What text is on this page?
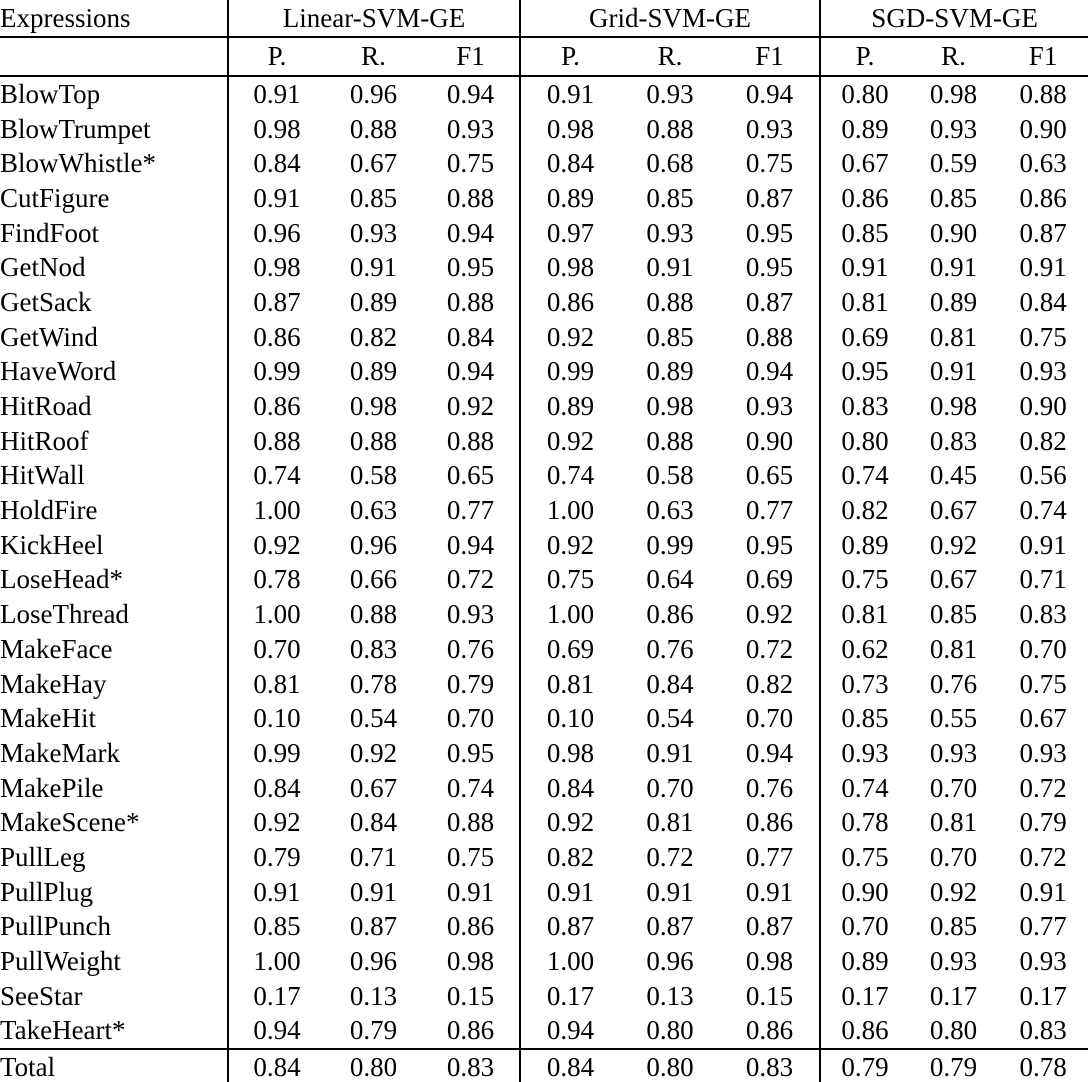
Expressions	Linear-SVM-GE			Grid-SVM-GE			SGD-SVM-GE		
	P.	R.	F1	P.	R.	F1	P.	R.	F1
BlowTop	0.91	0.96	0.94	0.91	0.93	0.94	0.80	0.98	0.88
BlowTrumpet	0.98	0.88	0.93	0.98	0.88	0.93	0.89	0.93	0.90
BlowWhistle*	0.84	0.67	0.75	0.84	0.68	0.75	0.67	0.59	0.63
CutFigure	0.91	0.85	0.88	0.89	0.85	0.87	0.86	0.85	0.86
FindFoot	0.96	0.93	0.94	0.97	0.93	0.95	0.85	0.90	0.87
GetNod	0.98	0.91	0.95	0.98	0.91	0.95	0.91	0.91	0.91
GetSack	0.87	0.89	0.88	0.86	0.88	0.87	0.81	0.89	0.84
GetWind	0.86	0.82	0.84	0.92	0.85	0.88	0.69	0.81	0.75
HaveWord	0.99	0.89	0.94	0.99	0.89	0.94	0.95	0.91	0.93
HitRoad	0.86	0.98	0.92	0.89	0.98	0.93	0.83	0.98	0.90
HitRoof	0.88	0.88	0.88	0.92	0.88	0.90	0.80	0.83	0.82
HitWall	0.74	0.58	0.65	0.74	0.58	0.65	0.74	0.45	0.56
HoldFire	1.00	0.63	0.77	1.00	0.63	0.77	0.82	0.67	0.74
KickHeel	0.92	0.96	0.94	0.92	0.99	0.95	0.89	0.92	0.91
LoseHead*	0.78	0.66	0.72	0.75	0.64	0.69	0.75	0.67	0.71
LoseThread	1.00	0.88	0.93	1.00	0.86	0.92	0.81	0.85	0.83
MakeFace	0.70	0.83	0.76	0.69	0.76	0.72	0.62	0.81	0.70
MakeHay	0.81	0.78	0.79	0.81	0.84	0.82	0.73	0.76	0.75
MakeHit	0.10	0.54	0.70	0.10	0.54	0.70	0.85	0.55	0.67
MakeMark	0.99	0.92	0.95	0.98	0.91	0.94	0.93	0.93	0.93
MakePile	0.84	0.67	0.74	0.84	0.70	0.76	0.74	0.70	0.72
MakeScene*	0.92	0.84	0.88	0.92	0.81	0.86	0.78	0.81	0.79
PullLeg	0.79	0.71	0.75	0.82	0.72	0.77	0.75	0.70	0.72
PullPlug	0.91	0.91	0.91	0.91	0.91	0.91	0.90	0.92	0.91
PullPunch	0.85	0.87	0.86	0.87	0.87	0.87	0.70	0.85	0.77
PullWeight	1.00	0.96	0.98	1.00	0.96	0.98	0.89	0.93	0.93
SeeStar	0.17	0.13	0.15	0.17	0.13	0.15	0.17	0.17	0.17
TakeHeart*	0.94	0.79	0.86	0.94	0.80	0.86	0.86	0.80	0.83
Total	0.84	0.80	0.83	0.84	0.80	0.83	0.79	0.79	0.78
